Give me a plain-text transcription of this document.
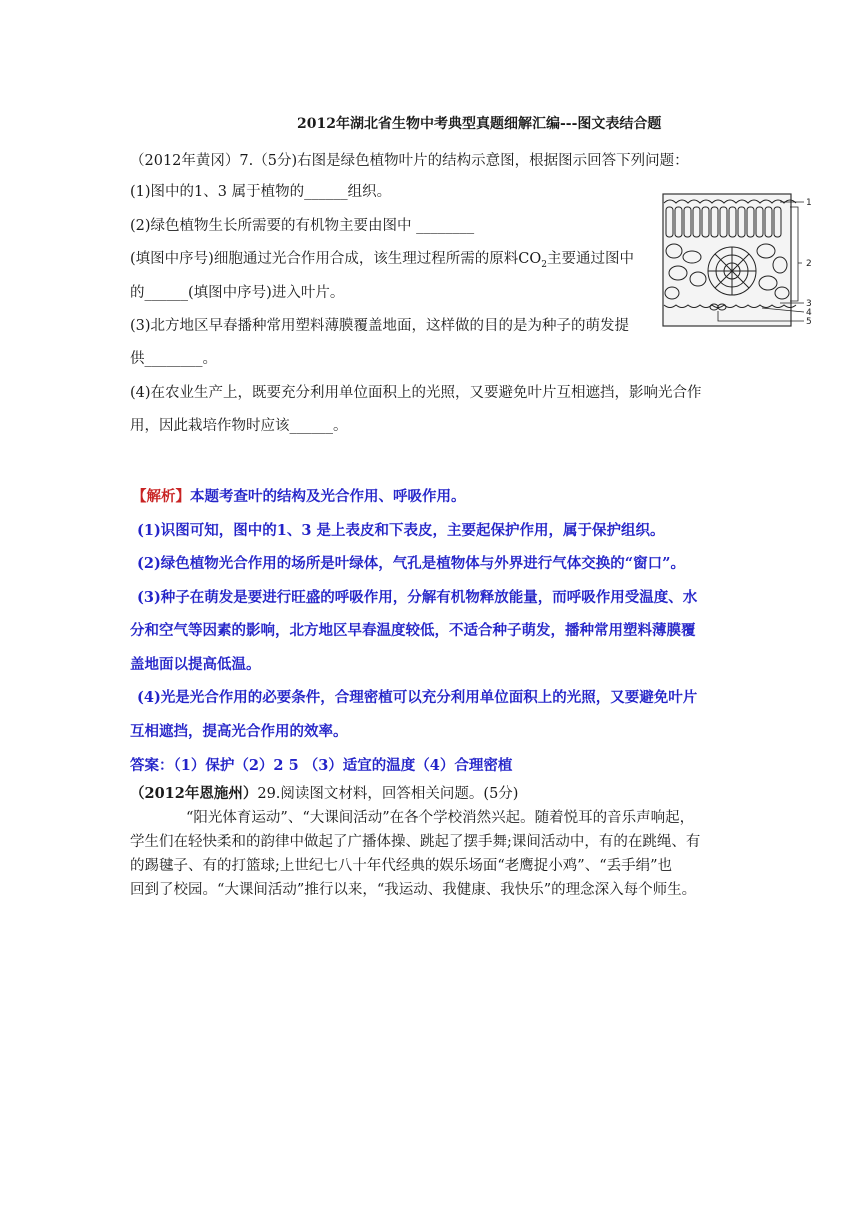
2012年湖北省生物中考典型真题细解汇编---图文表结合题
（2012年黄冈）7.（5分)右图是绿色植物叶片的结构示意图，根据图示回答下列问题：
(1)图中的1、3 属于植物的______组织。
(2)绿色植物生长所需要的有机物主要由图中 ________
(填图中序号)细胞通过光合作用合成，该生理过程所需的原料$CO_2$主要通过图中
的______(填图中序号)进入叶片。
(3)北方地区早春播种常用塑料薄膜覆盖地面，这样做的目的是为种子的萌发提
供________。
(4)在农业生产上，既要充分利用单位面积上的光照，又要避免叶片互相遮挡，影响光合作
用，因此栽培作物时应该______。
1
2
3
4
5
【解析】本题考查叶的结构及光合作用、呼吸作用。
(1)识图可知，图中的1、3 是上表皮和下表皮，主要起保护作用，属于保护组织。
(2)绿色植物光合作用的场所是叶绿体，气孔是植物体与外界进行气体交换的“窗口”。
(3)种子在萌发是要进行旺盛的呼吸作用，分解有机物释放能量，而呼吸作用受温度、水
分和空气等因素的影响，北方地区早春温度较低，不适合种子萌发，播种常用塑料薄膜覆
盖地面以提高低温。
(4)光是光合作用的必要条件，合理密植可以充分利用单位面积上的光照，又要避免叶片
互相遮挡，提高光合作用的效率。
答案：（1）保护（2）2 5 （3）适宜的温度（4）合理密植
（2012年恩施州）29.阅读图文材料，回答相关问题。(5分)
“阳光体育运动”、“大课间活动”在各个学校消然兴起。随着悦耳的音乐声响起，
学生们在轻快柔和的韵律中做起了广播体操、跳起了摆手舞;课间活动中，有的在跳绳、有
的踢毽子、有的打篮球;上世纪七八十年代经典的娱乐场面“老鹰捉小鸡”、“丢手绢”也
回到了校园。“大课间活动”推行以来，“我运动、我健康、我快乐”的理念深入每个师生。
